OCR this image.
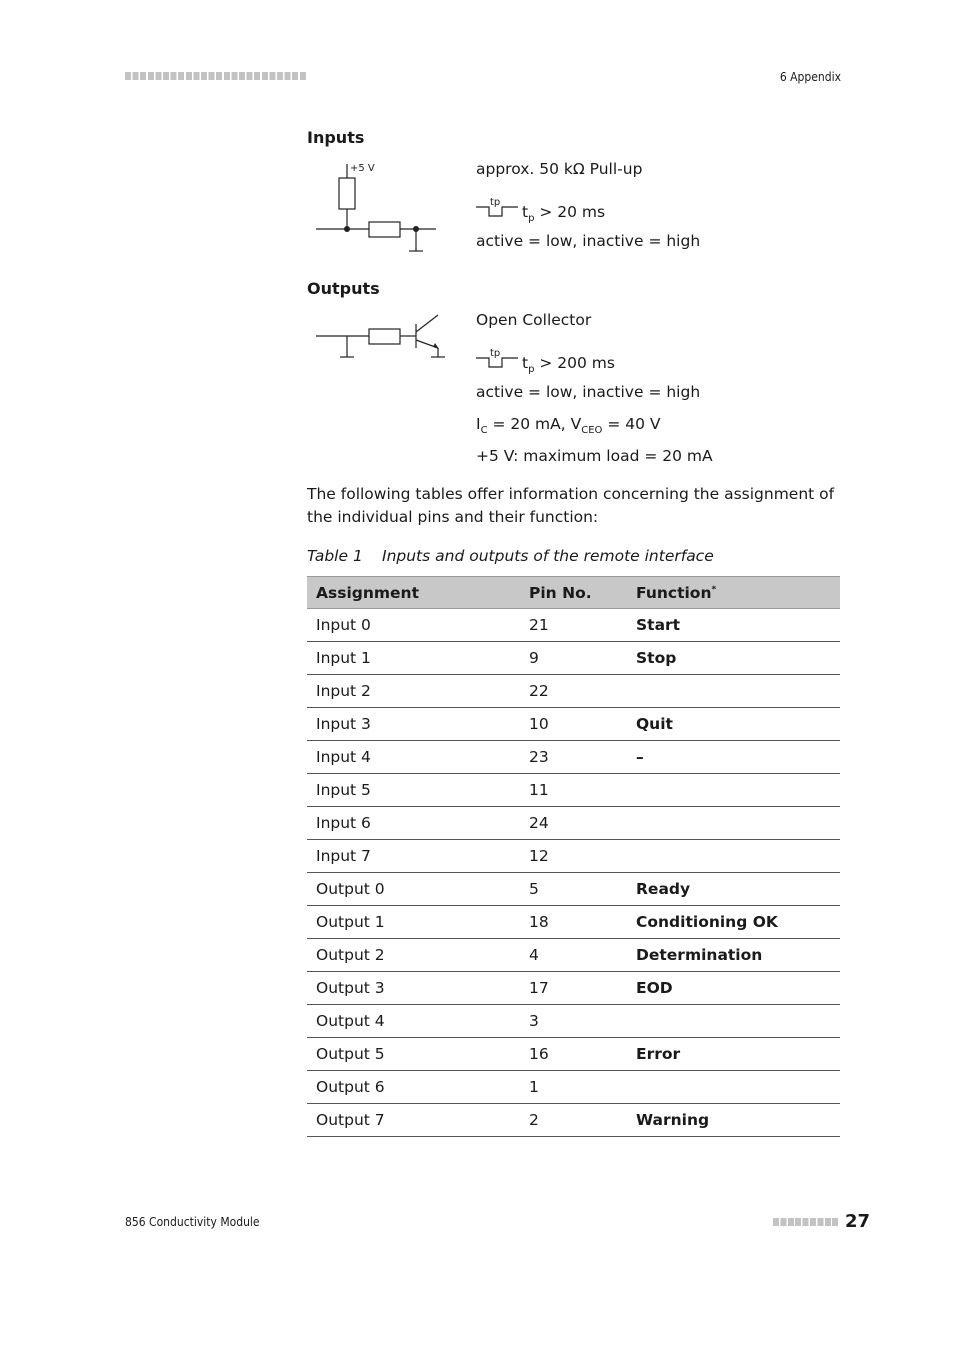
6 Appendix
Inputs
+5 V	approx. 50 kΩ Pull-up
tp
$t_p > 20$ ms
active = low, inactive = high
Outputs
Open Collector
tp
$t_p > 200$ ms
active = low, inactive = high
$I_C = 20$ mA, $V_{CEO} = 40$ V
+5 V: maximum load = 20 mA
The following tables offer information concerning the assignment of the individual pins and their function:
Table 1 Inputs and outputs of the remote interface
Assignment	Pin No.	Function*
Input 0	21	Start
Input 1	9	Stop
Input 2	22	
Input 3	10	Quit
Input 4	23	–
Input 5	11	
Input 6	24	
Input 7	12	
Output 0	5	Ready
Output 1	18	Conditioning OK
Output 2	4	Determination
Output 3	17	EOD
Output 4	3	
Output 5	16	Error
Output 6	1	
Output 7	2	Warning
856 Conductivity Module	27
